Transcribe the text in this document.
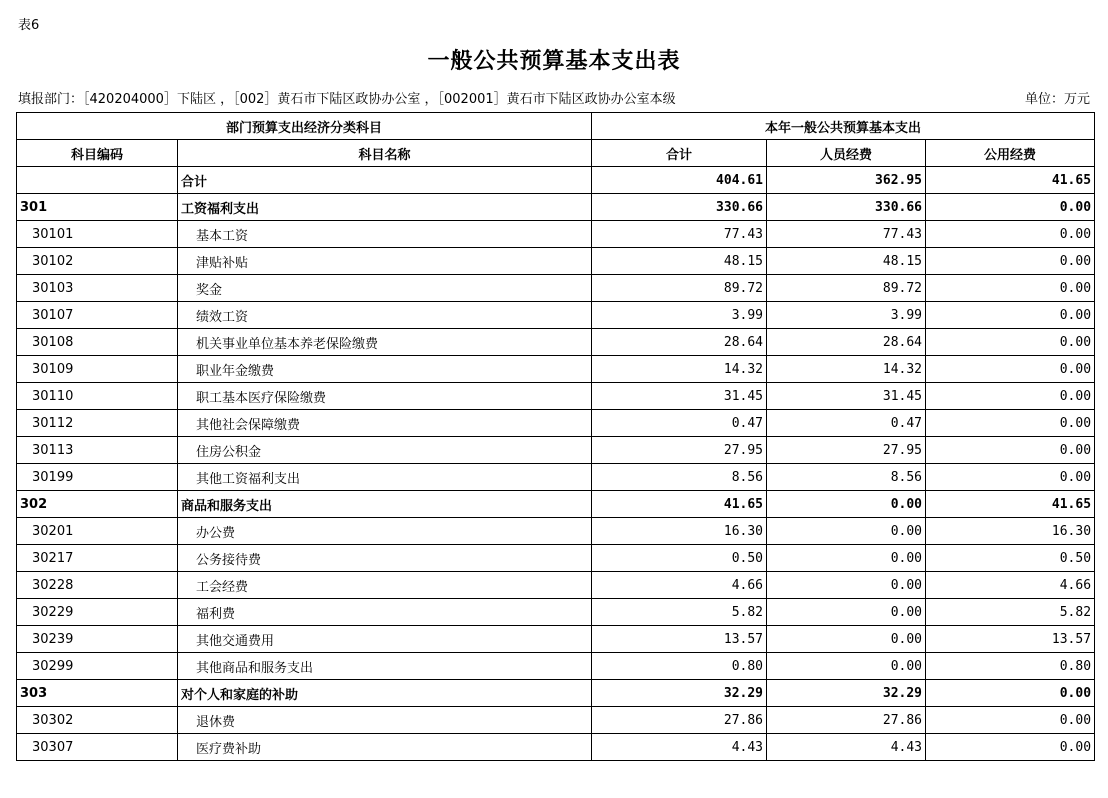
表6
一般公共预算基本支出表
填报部门：［420204000］下陆区 ，［002］黄石市下陆区政协办公室 ，［002001］黄石市下陆区政协办公室本级	单位：万元
部门预算支出经济分类科目		本年一般公共预算基本支出		
科目编码	科目名称	合计	人员经费	公用经费
	合计	404.61	362.95	41.65
301	工资福利支出	330.66	330.66	0.00
30101	基本工资	77.43	77.43	0.00
30102	津贴补贴	48.15	48.15	0.00
30103	奖金	89.72	89.72	0.00
30107	绩效工资	3.99	3.99	0.00
30108	机关事业单位基本养老保险缴费	28.64	28.64	0.00
30109	职业年金缴费	14.32	14.32	0.00
30110	职工基本医疗保险缴费	31.45	31.45	0.00
30112	其他社会保障缴费	0.47	0.47	0.00
30113	住房公积金	27.95	27.95	0.00
30199	其他工资福利支出	8.56	8.56	0.00
302	商品和服务支出	41.65	0.00	41.65
30201	办公费	16.30	0.00	16.30
30217	公务接待费	0.50	0.00	0.50
30228	工会经费	4.66	0.00	4.66
30229	福利费	5.82	0.00	5.82
30239	其他交通费用	13.57	0.00	13.57
30299	其他商品和服务支出	0.80	0.00	0.80
303	对个人和家庭的补助	32.29	32.29	0.00
30302	退休费	27.86	27.86	0.00
30307	医疗费补助	4.43	4.43	0.00
